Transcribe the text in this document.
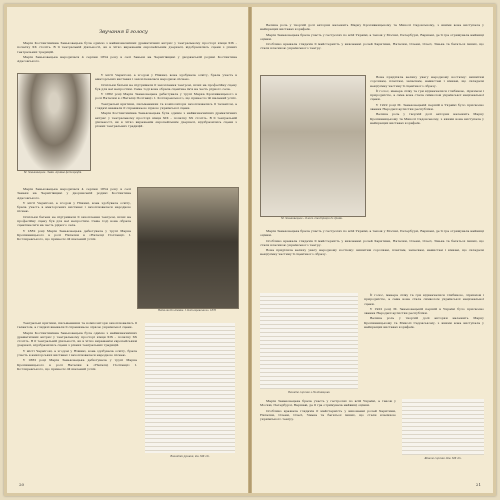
Звучання її голосу

Марія Костянтинівна Заньковецька була однією з найвизначніших драматичних актрис у театральному просторі кінця XIX – початку XX століть. В її театральній діяльності, як в чітко вираженім європейським дзеркалі, відобразились сцени з різних театральних традицій.

Марія Заньковецька народилася 4 серпня 1854 року в селі Заньки на Чернігівщині у дворянській родині Костянтина Адасовського.

М. Заньковецька. Львів. Архівна фотографія.

У місті Чернігові, а згодом у Ніжині, вона здобувала освіту, брала участь в аматорських виставах і захоплювалася народною піснею.

Оскільки батьки не підтримали її захоплення театром, шлях на професійну сцену був для неї непростим. Саме тоді вона обрала сценічне ім'я на честь рідного села.

У 1882 році Марія Заньковецька дебютувала у трупі Марка Кропивницького в ролі Наталки в «Наталці Полтавці» І. Котляревського, що принесло їй шалений успіх.

Театральні критики, письменники та композитори захоплювались її талантом, а глядачі вважали її справжньою зіркою української сцени.

Марія Костянтинівна Заньковецька була однією з найвизначніших драматичних актрис у театральному просторі кінця XIX – початку XX століть. В її театральній діяльності, як в чітко вираженім європейським дзеркалі, відобразились сцени з різних театральних традицій.

Наталка Полтавка. І. Котляревського. 1876

Марія Заньковецька народилася 4 серпня 1854 року в селі Заньки на Чернігівщині у дворянській родині Костянтина Адасовського.

У місті Чернігові, а згодом у Ніжині, вона здобувала освіту, брала участь в аматорських виставах і захоплювалася народною піснею.

Оскільки батьки не підтримали її захоплення театром, шлях на професійну сцену був для неї непростим. Саме тоді вона обрала сценічне ім'я на честь рідного села.

У 1882 році Марія Заньковецька дебютувала у трупі Марка Кропивницького в ролі Наталки в «Наталці Полтавці» І. Котляревського, що принесло їй шалений успіх.

Театральні критики, письменники та композитори захоплювались її талантом, а глядачі вважали її справжньою зіркою української сцени.

Марія Костянтинівна Заньковецька була однією з найвизначніших драматичних актрис у театральному просторі кінця XIX – початку XX століть. В її театральній діяльності, як в чітко вираженім європейським дзеркалі, відобразились сцени з різних театральних традицій.

У місті Чернігові, а згодом у Ніжині, вона здобувала освіту, брала участь в аматорських виставах і захоплювалася народною піснею.

У 1882 році Марія Заньковецька дебютувала у трупі Марка Кропивницького в ролі Наталки в «Наталці Полтавці» І. Котляревського, що принесло їй шалений успіх.

Вишитий рушник, кін. XIX ст.
20

Велика роль у творчій долі акторки належить Марку Кропивницькому та Миколі Садовському, з якими вона виступала у найкращих виставах корифеїв.

Марія Заньковецька брала участь у гастролях по всій Україні, а також у Москві, Петербурзі, Варшаві, де її гра отримувала найвищі оцінки.

Особливо вражала глядачів її майстерність у виконанні ролей Харитини, Наталки, Олени, Олесі, Зінькa та багатьох інших, що стали класикою українського театру.

М. Заньковецька – Олеся. Ілюстрація до драми.

Вона приділяла велику увагу народному костюму: вишитим сорочкам, плахтам, запаскам, намистам і вінкам, що складали невід'ємну частину її сценічного образу.

Її голос, манера співу та гри відзначалися глибиною, ліризмом і природністю, а сама вона стала символом української національної сцени.

У 1922 році М. Заньковецькій першій в Україні було присвоєно звання Народної артистки республіки.

Велика роль у творчій долі акторки належить Марку Кропивницькому та Миколі Садовському, з якими вона виступала у найкращих виставах корифеїв.

Марія Заньковецька брала участь у гастролях по всій Україні, а також у Москві, Петербурзі, Варшаві, де її гра отримувала найвищі оцінки.

Особливо вражала глядачів її майстерність у виконанні ролей Харитини, Наталки, Олени, Олесі, Зінькa та багатьох інших, що стали класикою українського театру.

Вона приділяла велику увагу народному костюму: вишитим сорочкам, плахтам, запаскам, намистам і вінкам, що складали невід'ємну частину її сценічного образу.

Вишита сорочка з Полтавщини

Її голос, манера співу та гри відзначалися глибиною, ліризмом і природністю, а сама вона стала символом української національної сцени.

У 1922 році М. Заньковецькій першій в Україні було присвоєно звання Народної артистки республіки.

Велика роль у творчій долі акторки належить Марку Кропивницькому та Миколі Садовському, з якими вона виступала у найкращих виставах корифеїв.

Жіноча сорочка. Кін. XIX ст.

Марія Заньковецька брала участь у гастролях по всій Україні, а також у Москві, Петербурзі, Варшаві, де її гра отримувала найвищі оцінки.

Особливо вражала глядачів її майстерність у виконанні ролей Харитини, Наталки, Олени, Олесі, Зінькa та багатьох інших, що стали класикою українського театру.

21
